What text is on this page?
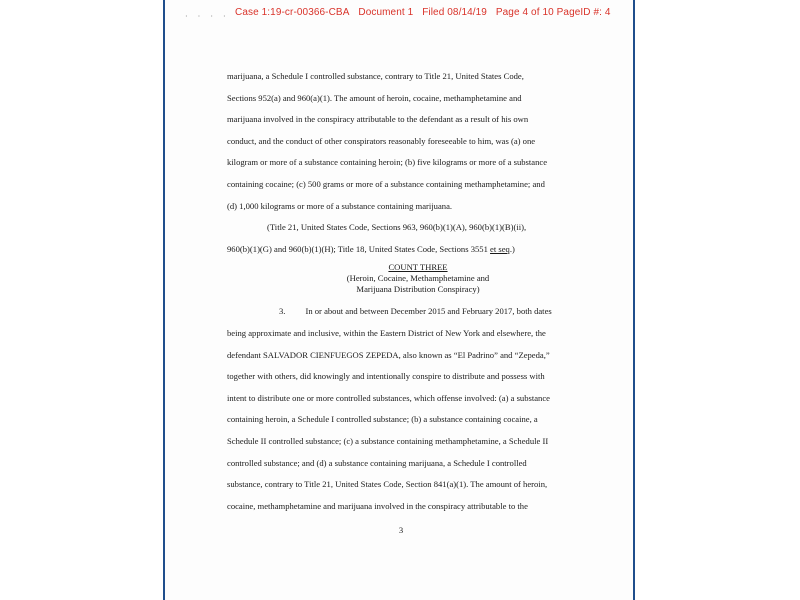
· · · · Case 1:19-cr-00366-CBA Document 1 Filed 08/14/19 Page 4 of 10 PageID #: 4
marijuana, a Schedule I controlled substance, contrary to Title 21, United States Code,
Sections 952(a) and 960(a)(1). The amount of heroin, cocaine, methamphetamine and
marijuana involved in the conspiracy attributable to the defendant as a result of his own
conduct, and the conduct of other conspirators reasonably foreseeable to him, was (a) one
kilogram or more of a substance containing heroin; (b) five kilograms or more of a substance
containing cocaine; (c) 500 grams or more of a substance containing methamphetamine; and
(d) 1,000 kilograms or more of a substance containing marijuana.
(Title 21, United States Code, Sections 963, 960(b)(1)(A), 960(b)(1)(B)(ii),
960(b)(1)(G) and 960(b)(1)(H); Title 18, United States Code, Sections 3551 et seq.)
COUNT THREE
(Heroin, Cocaine, Methamphetamine and
Marijuana Distribution Conspiracy)
3. In or about and between December 2015 and February 2017, both dates
being approximate and inclusive, within the Eastern District of New York and elsewhere, the
defendant SALVADOR CIENFUEGOS ZEPEDA, also known as “El Padrino” and “Zepeda,”
together with others, did knowingly and intentionally conspire to distribute and possess with
intent to distribute one or more controlled substances, which offense involved: (a) a substance
containing heroin, a Schedule I controlled substance; (b) a substance containing cocaine, a
Schedule II controlled substance; (c) a substance containing methamphetamine, a Schedule II
controlled substance; and (d) a substance containing marijuana, a Schedule I controlled
substance, contrary to Title 21, United States Code, Section 841(a)(1). The amount of heroin,
cocaine, methamphetamine and marijuana involved in the conspiracy attributable to the
3
